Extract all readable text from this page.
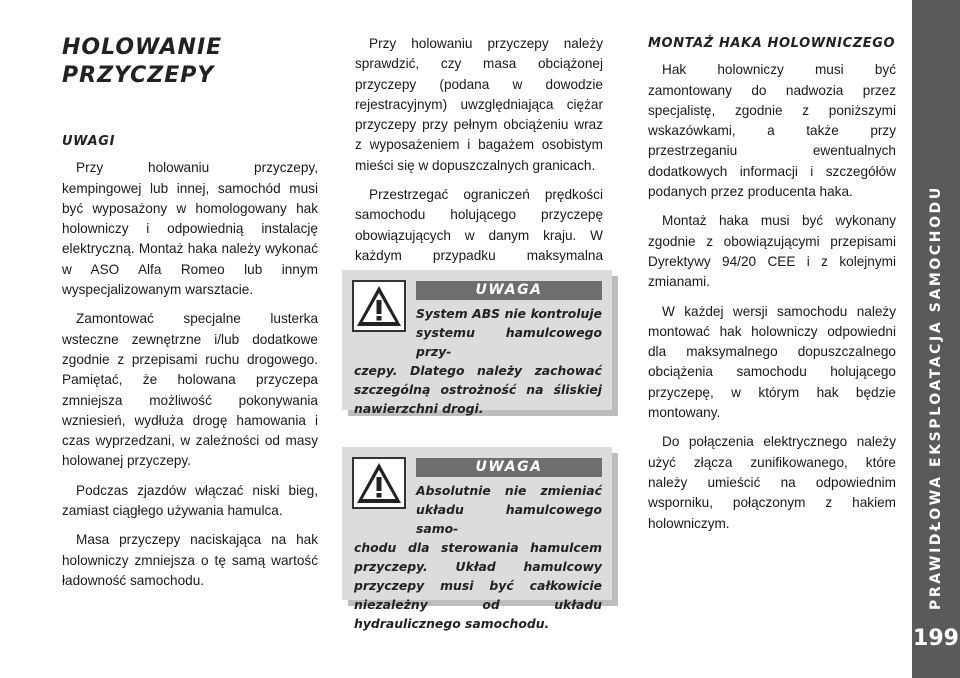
PRAWIDŁOWA EKSPLOATACJA SAMOCHODU
199
HOLOWANIE PRZYCZEPY
UWAGI

Przy holowaniu przyczepy, kempingowej lub innej, samochód musi być wyposażony w homologowany hak holowniczy i odpowiednią instalację elektryczną. Montaż haka należy wykonać w ASO Alfa Romeo lub innym wyspecjalizowanym warsztacie.

Zamontować specjalne lusterka wsteczne zewnętrzne i/lub dodatkowe zgodnie z przepisami ruchu drogowego. Pamiętać, że holowana przyczepa zmniejsza możliwość pokonywania wzniesień, wydłuża drogę hamowania i czas wyprzedzani, w zależności od masy holowanej przyczepy.

Podczas zjazdów włączać niski bieg, zamiast ciągłego używania hamulca.

Masa przyczepy naciskająca na hak holowniczy zmniejsza o tę samą wartość ładowność samochodu.

Przy holowaniu przyczepy należy sprawdzić, czy masa obciążonej przyczepy (podana w dowodzie rejestracyjnym) uwzględniająca ciężar przyczepy przy pełnym obciążeniu wraz z wyposażeniem i bagażem osobistym mieści się w dopuszczalnych granicach.

Przestrzegać ograniczeń prędkości samochodu holującego przyczepę obowiązujących w danym kraju. W każdym przypadku maksymalna

UWAGA
System ABS nie kontroluje systemu hamulcowego przy-
czepy. Dlatego należy zachować szczególną ostrożność na śliskiej nawierzchni drogi.
UWAGA
Absolutnie nie zmieniać układu hamulcowego samo-
chodu dla sterowania hamulcem przyczepy. Układ hamulcowy przyczepy musi być całkowicie niezależny od układu hydraulicznego samochodu.
MONTAŻ HAKA HOLOWNICZEGO

Hak holowniczy musi być zamontowany do nadwozia przez specjalistę, zgodnie z poniższymi wskazówkami, a także przy przestrzeganiu ewentualnych dodatkowych informacji i szczegółów podanych przez producenta haka.

Montaż haka musi być wykonany zgodnie z obowiązującymi przepisami Dyrektywy 94/20 CEE i z kolejnymi zmianami.

W każdej wersji samochodu należy montować hak holowniczy odpowiedni dla maksymalnego dopuszczalnego obciążenia samochodu holującego przyczepę, w którym hak będzie montowany.

Do połączenia elektrycznego należy użyć złącza zunifikowanego, które należy umieścić na odpowiednim wsporniku, połączonym z hakiem holowniczym.
